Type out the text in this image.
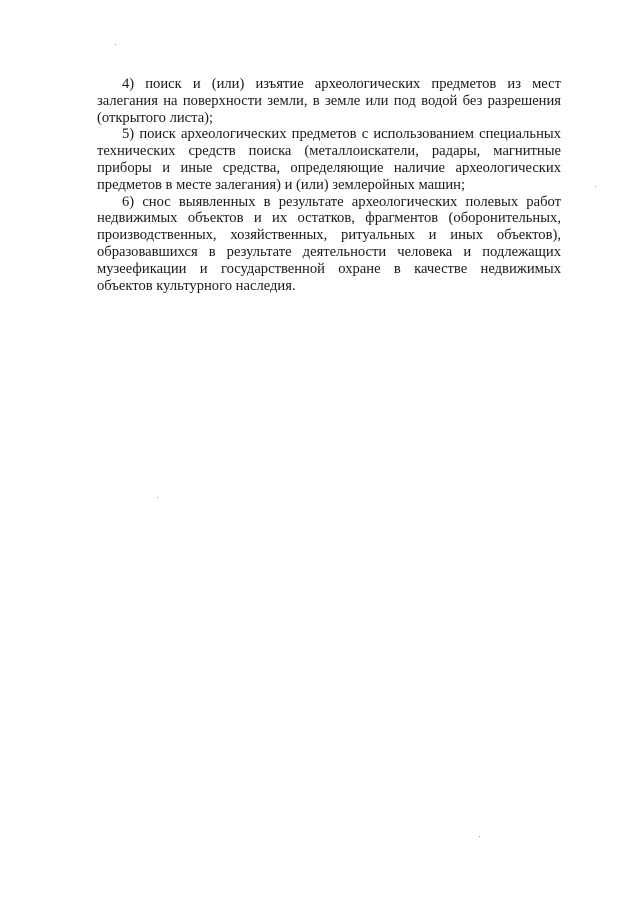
4) поиск и (или) изъятие археологических предметов из мест залегания на поверхности земли, в земле или под водой без разрешения (открытого листа);

5) поиск археологических предметов с использованием специальных технических средств поиска (металлоискатели, радары, магнитные приборы и иные средства, определяющие наличие археологических предметов в месте залегания) и (или) землеройных машин;

6) снос выявленных в результате археологических полевых работ недвижимых объектов и их остатков, фрагментов (оборонительных, производственных, хозяйственных, ритуальных и иных объектов), образовавшихся в результате деятельности человека и подлежащих музеефикации и государственной охране в качестве недвижимых объектов культурного наследия.
